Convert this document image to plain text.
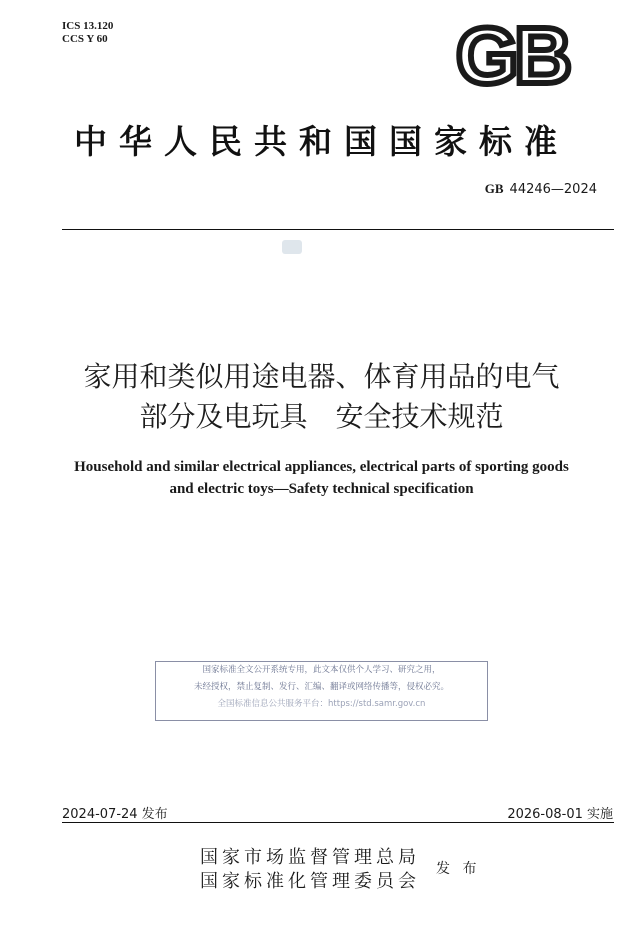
ICS 13.120
CCS Y 60	GB
中华人民共和国国家标准
GB 44246—2024
家用和类似用途电器、体育用品的电气
部分及电玩具　安全技术规范
Household and similar electrical appliances, electrical parts of sporting goods
and electric toys—Safety technical specification
国家标准全文公开系统专用，此文本仅供个人学习、研究之用，
未经授权，禁止复制、发行、汇编、翻译或网络传播等，侵权必究。
全国标准信息公共服务平台：https://std.samr.gov.cn
2024-07-24 发布	2026-08-01 实施
国家市场监督管理总局
国家标准化管理委员会
发 布
